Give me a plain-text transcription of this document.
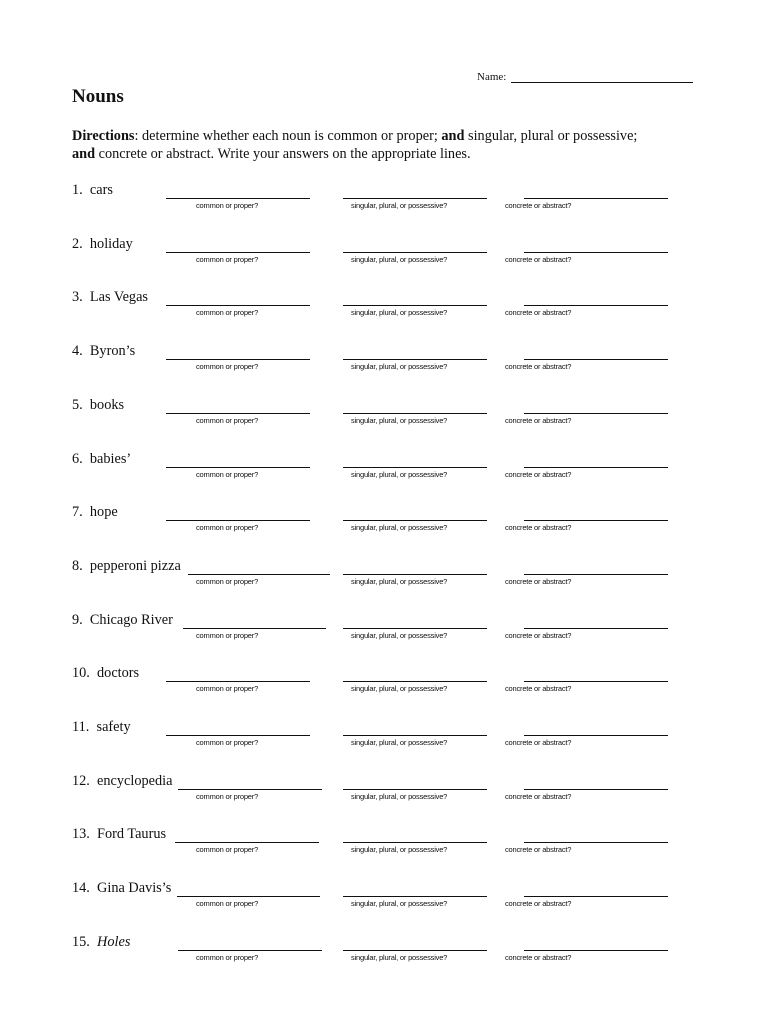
Name:
Nouns
Directions: determine whether each noun is common or proper; and singular, plural or possessive;
and concrete or abstract. Write your answers on the appropriate lines.
1. cars
common or proper?	singular, plural, or possessive?	concrete or abstract?
2. holiday
common or proper?	singular, plural, or possessive?	concrete or abstract?
3. Las Vegas
common or proper?	singular, plural, or possessive?	concrete or abstract?
4. Byron’s
common or proper?	singular, plural, or possessive?	concrete or abstract?
5. books
common or proper?	singular, plural, or possessive?	concrete or abstract?
6. babies’
common or proper?	singular, plural, or possessive?	concrete or abstract?
7. hope
common or proper?	singular, plural, or possessive?	concrete or abstract?
8. pepperoni pizza
common or proper?	singular, plural, or possessive?	concrete or abstract?
9. Chicago River
common or proper?	singular, plural, or possessive?	concrete or abstract?
10. doctors
common or proper?	singular, plural, or possessive?	concrete or abstract?
11. safety
common or proper?	singular, plural, or possessive?	concrete or abstract?
12. encyclopedia
common or proper?	singular, plural, or possessive?	concrete or abstract?
13. Ford Taurus
common or proper?	singular, plural, or possessive?	concrete or abstract?
14. Gina Davis’s
common or proper?	singular, plural, or possessive?	concrete or abstract?
15. Holes
common or proper?	singular, plural, or possessive?	concrete or abstract?
